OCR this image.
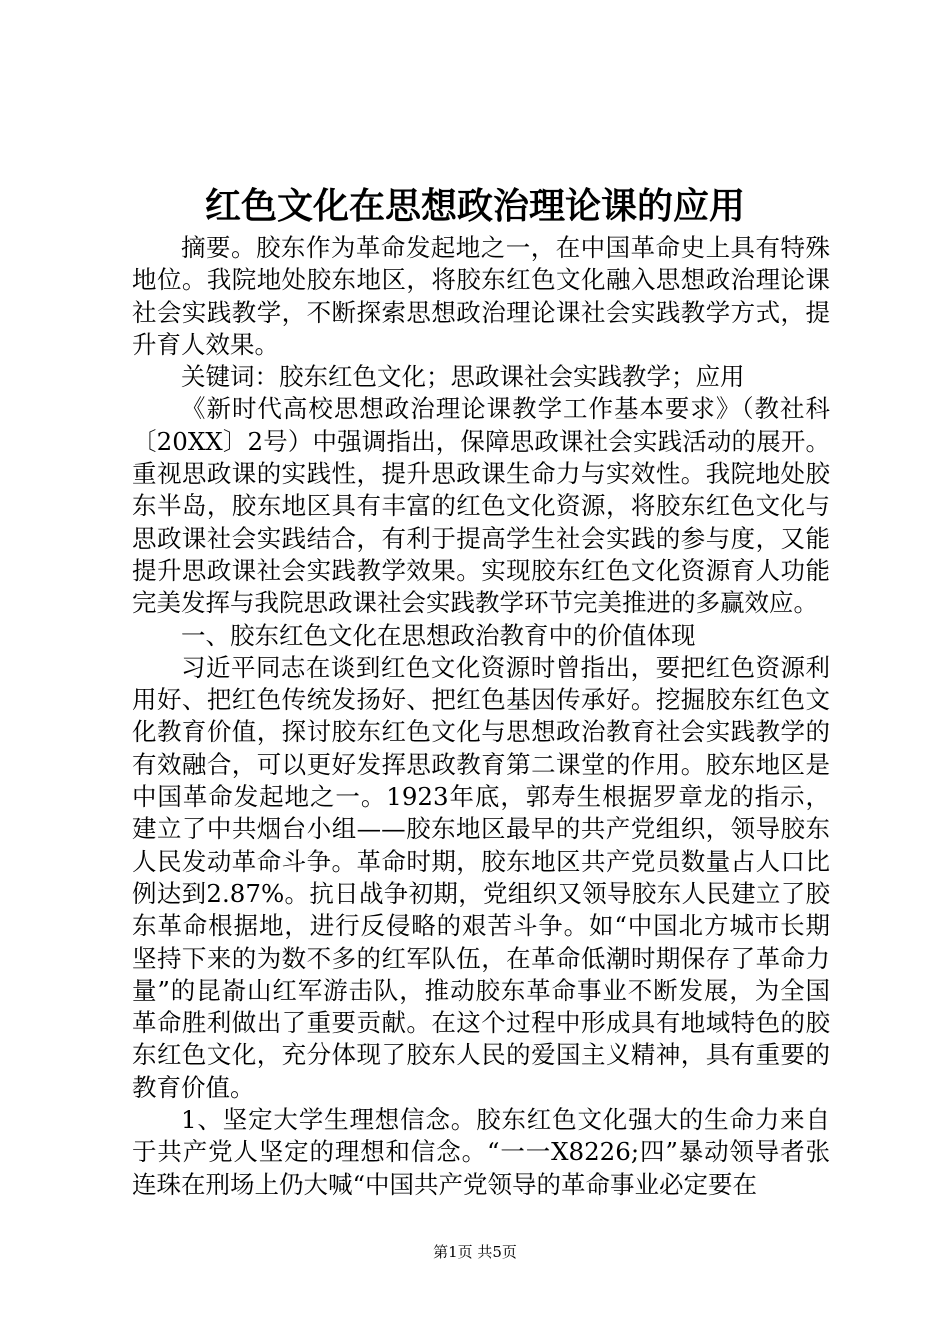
红色文化在思想政治理论课的应用

摘要。胶东作为革命发起地之一，在中国革命史上具有特殊地位。我院地处胶东地区，将胶东红色文化融入思想政治理论课社会实践教学，不断探索思想政治理论课社会实践教学方式，提升育人效果。

关键词：胶东红色文化；思政课社会实践教学；应用

《新时代高校思想政治理论课教学工作基本要求》（教社科〔20XX〕2号）中强调指出，保障思政课社会实践活动的展开。重视思政课的实践性，提升思政课生命力与实效性。我院地处胶东半岛，胶东地区具有丰富的红色文化资源，将胶东红色文化与思政课社会实践结合，有利于提高学生社会实践的参与度，又能提升思政课社会实践教学效果。实现胶东红色文化资源育人功能完美发挥与我院思政课社会实践教学环节完美推进的多赢效应。

一、胶东红色文化在思想政治教育中的价值体现

习近平同志在谈到红色文化资源时曾指出，要把红色资源利用好、把红色传统发扬好、把红色基因传承好。挖掘胶东红色文化教育价值，探讨胶东红色文化与思想政治教育社会实践教学的有效融合，可以更好发挥思政教育第二课堂的作用。胶东地区是中国革命发起地之一。1923年底，郭寿生根据罗章龙的指示，建立了中共烟台小组——胶东地区最早的共产党组织，领导胶东人民发动革命斗争。革命时期，胶东地区共产党员数量占人口比例达到2.87%。抗日战争初期，党组织又领导胶东人民建立了胶东革命根据地，进行反侵略的艰苦斗争。如“中国北方城市长期坚持下来的为数不多的红军队伍，在革命低潮时期保存了革命力量”的昆嵛山红军游击队，推动胶东革命事业不断发展，为全国革命胜利做出了重要贡献。在这个过程中形成具有地域特色的胶东红色文化，充分体现了胶东人民的爱国主义精神，具有重要的教育价值。

1、坚定大学生理想信念。胶东红色文化强大的生命力来自于共产党人坚定的理想和信念。“一一X8226;四”暴动领导者张连珠在刑场上仍大喊“中国共产党领导的革命事业必定要在

第1页 共5页
